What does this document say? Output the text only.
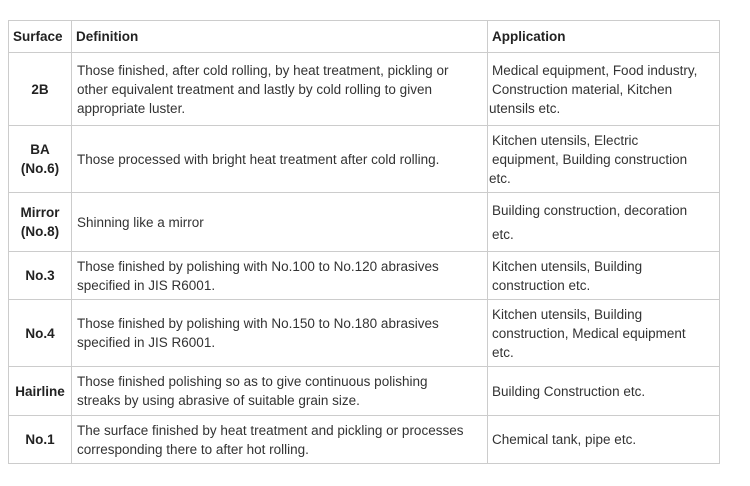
Surface	Definition	Application

2B	Those finished, after cold rolling, by heat treatment, pickling or
other equivalent treatment and lastly by cold rolling to given
appropriate luster.	Medical equipment, Food industry,
Construction material, Kitchen
utensils etc.

BA
(No.6)	Those processed with bright heat treatment after cold rolling.	Kitchen utensils, Electric
equipment, Building construction
etc.

Mirror
(No.8)	Shinning like a mirror	Building construction, decoration
etc.

No.3	Those finished by polishing with No.100 to No.120 abrasives
specified in JIS R6001.	Kitchen utensils, Building
construction etc.

No.4	Those finished by polishing with No.150 to No.180 abrasives
specified in JIS R6001.	Kitchen utensils, Building
construction, Medical equipment
etc.

Hairline	Those finished polishing so as to give continuous polishing
streaks by using abrasive of suitable grain size.	Building Construction etc.

No.1	The surface finished by heat treatment and pickling or processes
corresponding there to after hot rolling.	Chemical tank, pipe etc.
